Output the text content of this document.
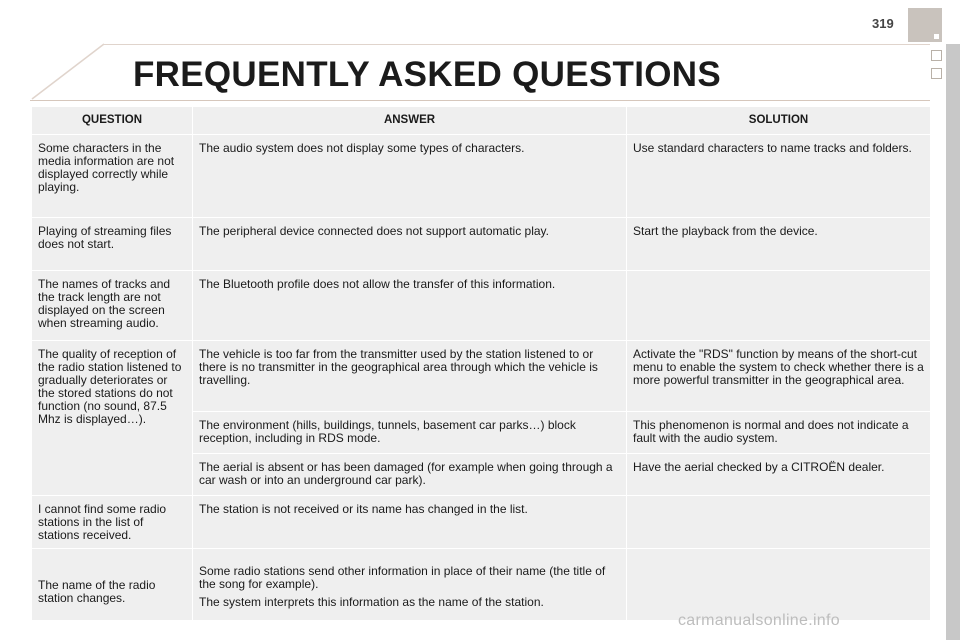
319
FREQUENTLY ASKED QUESTIONS
QUESTION	ANSWER	SOLUTION
Some characters in the media information are not displayed correctly while playing.	The audio system does not display some types of characters.	Use standard characters to name tracks and folders.
Playing of streaming files does not start.	The peripheral device connected does not support automatic play.	Start the playback from the device.
The names of tracks and the track length are not displayed on the screen when streaming audio.	The Bluetooth profile does not allow the transfer of this information.	
The quality of reception of the radio station listened to gradually deteriorates or the stored stations do not function (no sound, 87.5 Mhz is displayed…).	The vehicle is too far from the transmitter used by the station listened to or there is no transmitter in the geographical area through which the vehicle is travelling.	Activate the "RDS" function by means of the short-cut menu to enable the system to check whether there is a more powerful transmitter in the geographical area.
	The environment (hills, buildings, tunnels, basement car parks…) block reception, including in RDS mode.	This phenomenon is normal and does not indicate a fault with the audio system.
	The aerial is absent or has been damaged (for example when going through a car wash or into an underground car park).	Have the aerial checked by a CITROËN dealer.
I cannot find some radio stations in the list of stations received.	The station is not received or its name has changed in the list.	
The name of the radio station changes.	Some radio stations send other information in place of their name (the title of the song for example).

The system interprets this information as the name of the station.	

carmanualsonline.info
